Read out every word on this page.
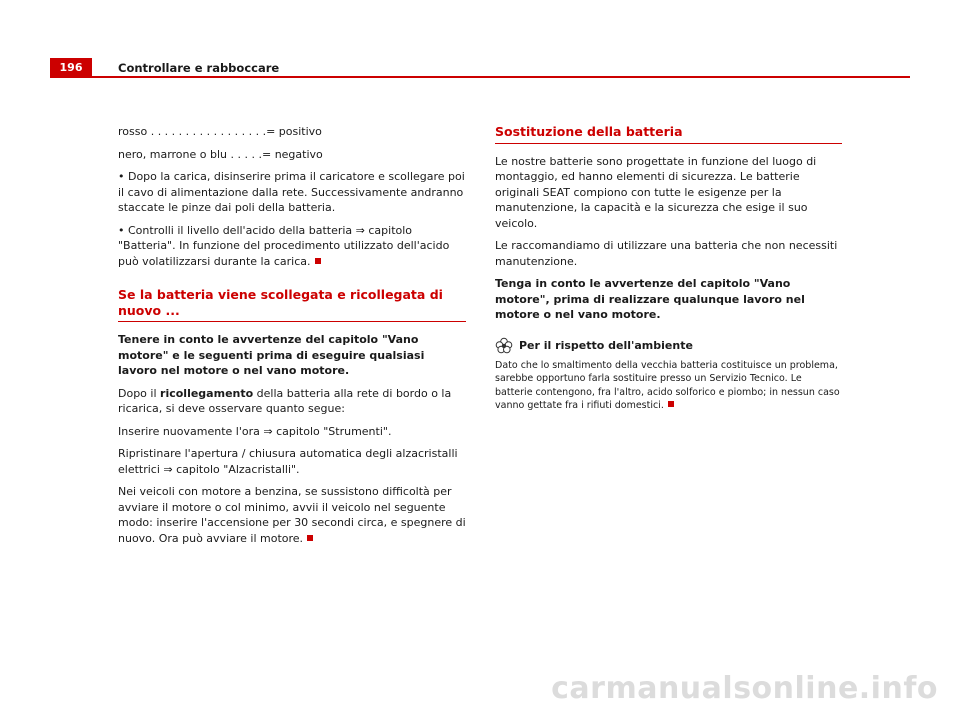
196	Controllare e rabboccare

rosso . . . . . . . . . . . . . . . . .= positivo

nero, marrone o blu . . . . .= negativo

• Dopo la carica, disinserire prima il caricatore e scollegare poi il cavo di alimentazione dalla rete. Successivamente andranno staccate le pinze dai poli della batteria.

• Controlli il livello dell'acido della batteria ⇒ capitolo "Batteria". In funzione del procedimento utilizzato dell'acido può volatilizzarsi durante la carica.

Se la batteria viene scollegata e ricollegata di nuovo ...

Tenere in conto le avvertenze del capitolo "Vano motore" e le seguenti prima di eseguire qualsiasi lavoro nel motore o nel vano motore.

Dopo il ricollegamento della batteria alla rete di bordo o la ricarica, si deve osservare quanto segue:

Inserire nuovamente l'ora ⇒ capitolo "Strumenti".

Ripristinare l'apertura / chiusura automatica degli alzacristalli elettrici ⇒ capitolo "Alzacristalli".

Nei veicoli con motore a benzina, se sussistono difficoltà per avviare il motore o col minimo, avvii il veicolo nel seguente modo: inserire l'accensione per 30 secondi circa, e spegnere di nuovo. Ora può avviare il motore.

Sostituzione della batteria

Le nostre batterie sono progettate in funzione del luogo di montaggio, ed hanno elementi di sicurezza. Le batterie originali SEAT compiono con tutte le esigenze per la manutenzione, la capacità e la sicurezza che esige il suo veicolo.

Le raccomandiamo di utilizzare una batteria che non necessiti manutenzione.

Tenga in conto le avvertenze del capitolo "Vano motore", prima di realizzare qualunque lavoro nel motore o nel vano motore.

Per il rispetto dell'ambiente
Dato che lo smaltimento della vecchia batteria costituisce un problema, sarebbe opportuno farla sostituire presso un Servizio Tecnico. Le batterie contengono, fra l'altro, acido solforico e piombo; in nessun caso vanno gettate fra i rifiuti domestici.
carmanualsonline.info
